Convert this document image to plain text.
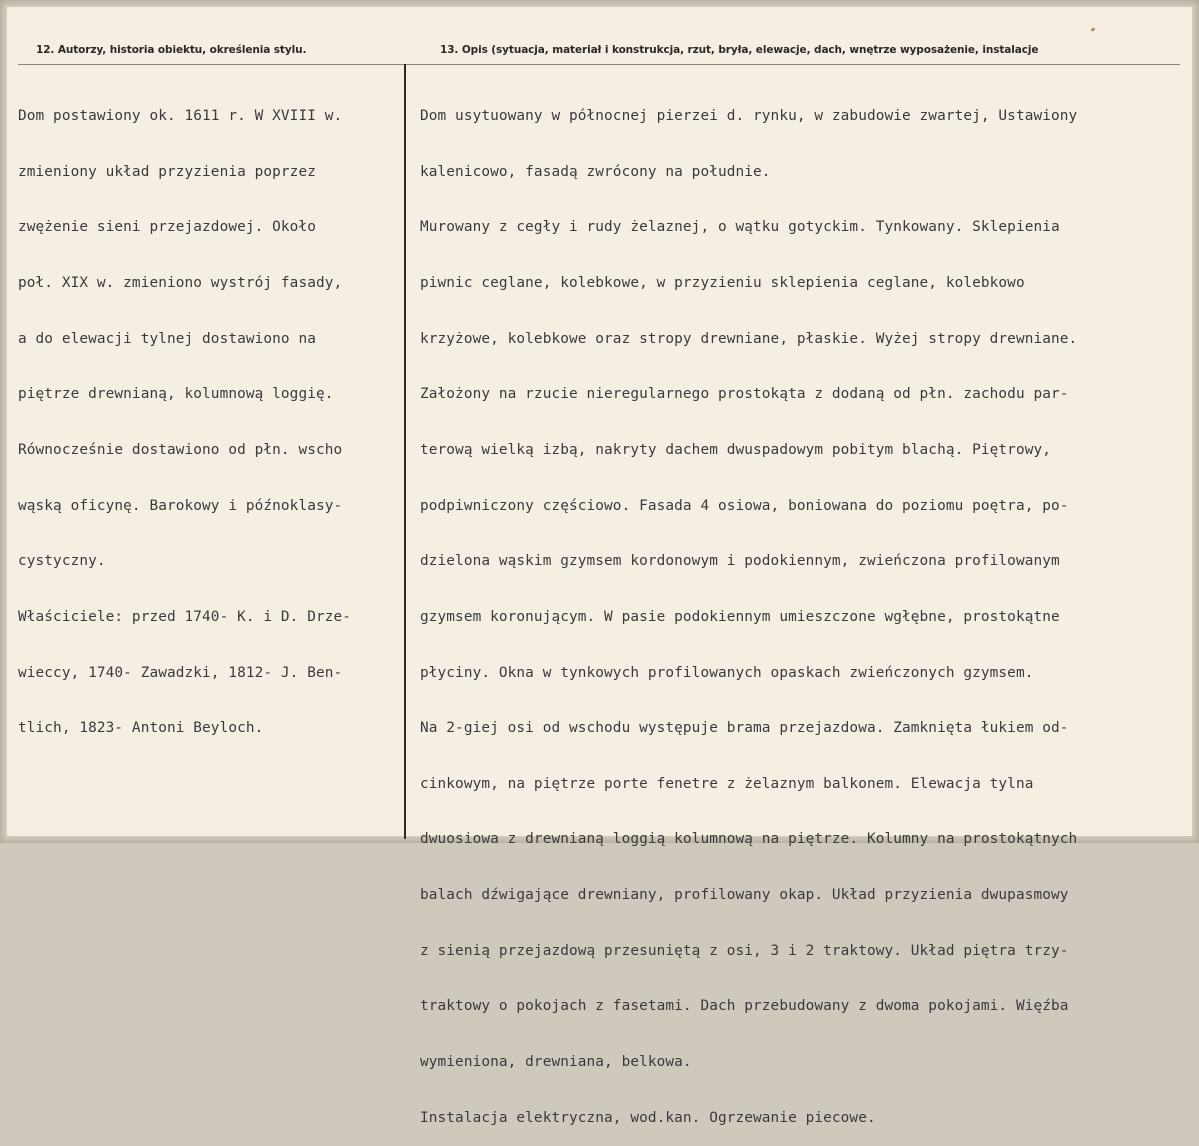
12. Autorzy, historia obiektu, określenia stylu.	13. Opis (sytuacja, materiał i konstrukcja, rzut, bryła, elewacje, dach, wnętrze wyposażenie, instalacje

Dom postawiony ok. 1611 r. W XVIII w.

zmieniony układ przyzienia poprzez

zwężenie sieni przejazdowej. Około

poł. XIX w. zmieniono wystrój fasady,

a do elewacji tylnej dostawiono na

piętrze drewnianą, kolumnową loggię.

Równocześnie dostawiono od płn. wscho

wąską oficynę. Barokowy i późnoklasy-

cystyczny.

Właściciele: przed 1740- K. i D. Drze-

wieccy, 1740- Zawadzki, 1812- J. Ben-

tlich, 1823- Antoni Beyloch.

Dom usytuowany w północnej pierzei d. rynku, w zabudowie zwartej, Ustawiony

kalenicowo, fasadą zwrócony na południe.

Murowany z cegły i rudy żelaznej, o wątku gotyckim. Tynkowany. Sklepienia

piwnic ceglane, kolebkowe, w przyzieniu sklepienia ceglane, kolebkowo

krzyżowe, kolebkowe oraz stropy drewniane, płaskie. Wyżej stropy drewniane.

Założony na rzucie nieregularnego prostokąta z dodaną od płn. zachodu par-

terową wielką izbą, nakryty dachem dwuspadowym pobitym blachą. Piętrowy,

podpiwniczony częściowo. Fasada 4 osiowa, boniowana do poziomu poętra, po-

dzielona wąskim gzymsem kordonowym i podokiennym, zwieńczona profilowanym

gzymsem koronującym. W pasie podokiennym umieszczone wgłębne, prostokątne

płyciny. Okna w tynkowych profilowanych opaskach zwieńczonych gzymsem.

Na 2-giej osi od wschodu występuje brama przejazdowa. Zamknięta łukiem od-

cinkowym, na piętrze porte fenetre z żelaznym balkonem. Elewacja tylna

dwuosiowa z drewnianą loggią kolumnową na piętrze. Kolumny na prostokątnych

balach dźwigające drewniany, profilowany okap. Układ przyzienia dwupasmowy

z sienią przejazdową przesuniętą z osi, 3 i 2 traktowy. Układ piętra trzy-

traktowy o pokojach z fasetami. Dach przebudowany z dwoma pokojami. Więźba

wymieniona, drewniana, belkowa.

Instalacja elektryczna, wod.kan. Ogrzewanie piecowe.
